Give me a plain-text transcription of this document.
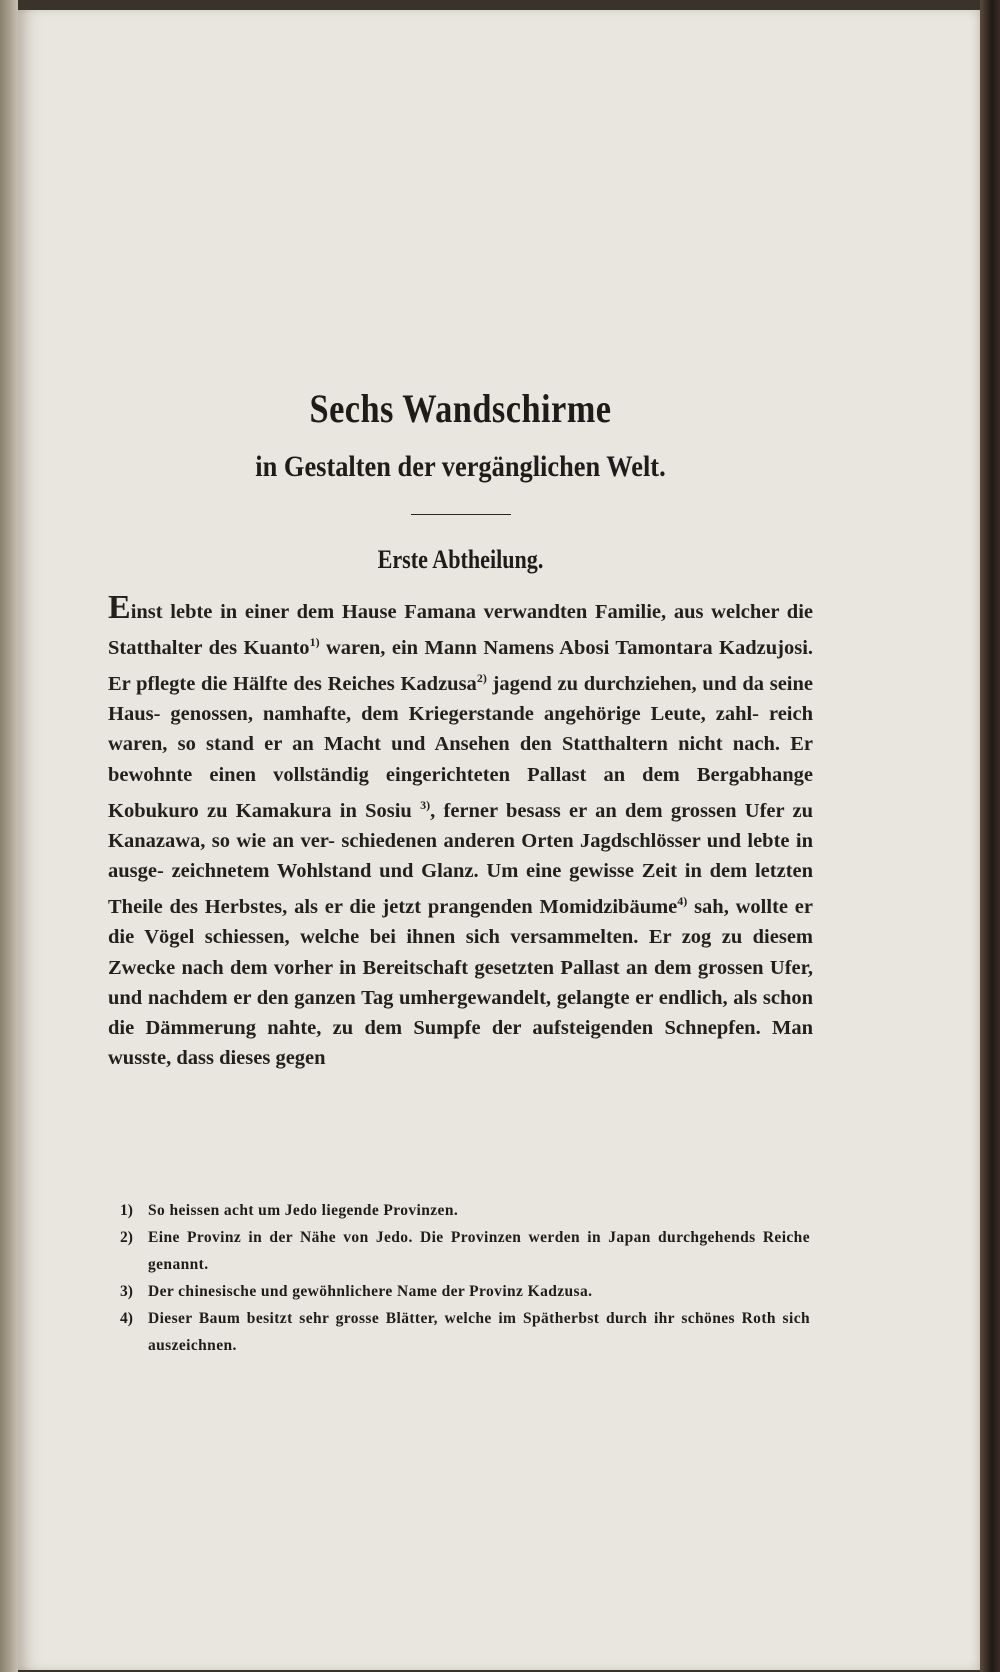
Sechs Wandschirme
in Gestalten der vergänglichen Welt.
Erste Abtheilung.

Einst lebte in einer dem Hause Famana verwandten Familie, aus welcher die Statthalter des Kuanto$^{1)}$ waren, ein Mann Namens Abosi Tamontara Kadzujosi. Er pflegte die Hälfte des Reiches Kadzusa$^{2)}$ jagend zu durchziehen, und da seine Haus- genossen, namhafte, dem Kriegerstande angehörige Leute, zahl- reich waren, so stand er an Macht und Ansehen den Statthaltern nicht nach. Er bewohnte einen vollständig eingerichteten Pallast an dem Bergabhange Kobukuro zu Kamakura in Sosiu $^{3)}$, ferner besass er an dem grossen Ufer zu Kanazawa, so wie an ver- schiedenen anderen Orten Jagdschlösser und lebte in ausge- zeichnetem Wohlstand und Glanz. Um eine gewisse Zeit in dem letzten Theile des Herbstes, als er die jetzt prangenden Momidzibäume$^{4)}$ sah, wollte er die Vögel schiessen, welche bei ihnen sich versammelten. Er zog zu diesem Zwecke nach dem vorher in Bereitschaft gesetzten Pallast an dem grossen Ufer, und nachdem er den ganzen Tag umhergewandelt, gelangte er endlich, als schon die Dämmerung nahte, zu dem Sumpfe der aufsteigenden Schnepfen. Man wusste, dass dieses gegen

1) So heissen acht um Jedo liegende Provinzen.
2) Eine Provinz in der Nähe von Jedo. Die Provinzen werden in Japan durchgehends Reiche genannt.
3) Der chinesische und gewöhnlichere Name der Provinz Kadzusa.
4) Dieser Baum besitzt sehr grosse Blätter, welche im Spätherbst durch ihr schönes Roth sich auszeichnen.
